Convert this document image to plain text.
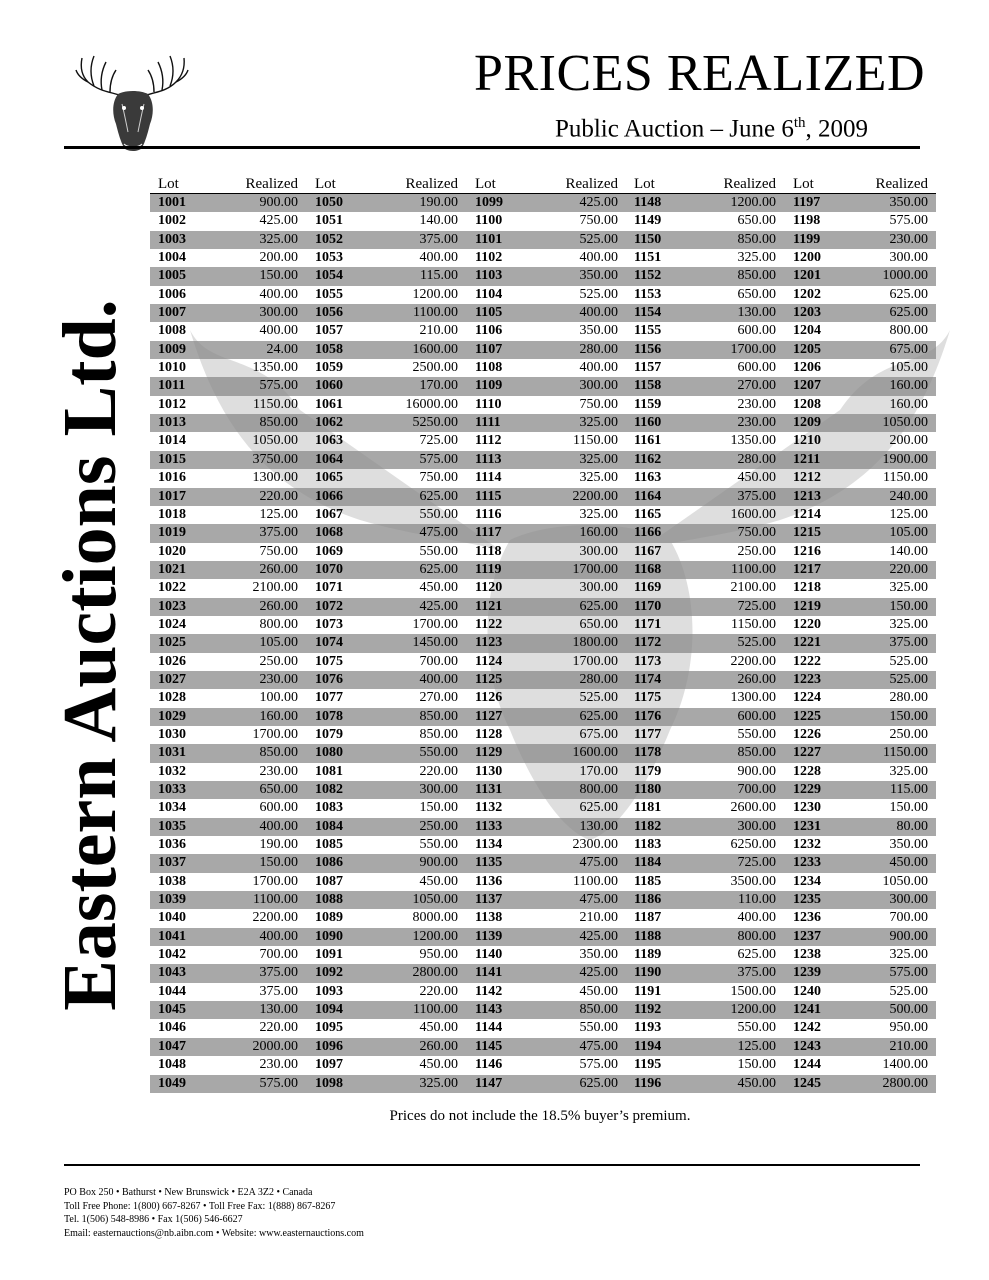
PRICES REALIZED
Public Auction – June 6th, 2009
Eastern Auctions Ltd.
Lot	Realized Lot	Realized Lot	Realized Lot	Realized Lot	Realized
1001	900.00 1050	190.00 1099	425.00 1148	1200.00 1197	350.00
1002	425.00 1051	140.00 1100	750.00 1149	650.00 1198	575.00
1003	325.00 1052	375.00 1101	525.00 1150	850.00 1199	230.00
1004	200.00 1053	400.00 1102	400.00 1151	325.00 1200	300.00
1005	150.00 1054	115.00 1103	350.00 1152	850.00 1201	1000.00
1006	400.00 1055	1200.00 1104	525.00 1153	650.00 1202	625.00
1007	300.00 1056	1100.00 1105	400.00 1154	130.00 1203	625.00
1008	400.00 1057	210.00 1106	350.00 1155	600.00 1204	800.00
1009	24.00 1058	1600.00 1107	280.00 1156	1700.00 1205	675.00
1010	1350.00 1059	2500.00 1108	400.00 1157	600.00 1206	105.00
1011	575.00 1060	170.00 1109	300.00 1158	270.00 1207	160.00
1012	1150.00 1061	16000.00 1110	750.00 1159	230.00 1208	160.00
1013	850.00 1062	5250.00 1111	325.00 1160	230.00 1209	1050.00
1014	1050.00 1063	725.00 1112	1150.00 1161	1350.00 1210	200.00
1015	3750.00 1064	575.00 1113	325.00 1162	280.00 1211	1900.00
1016	1300.00 1065	750.00 1114	325.00 1163	450.00 1212	1150.00
1017	220.00 1066	625.00 1115	2200.00 1164	375.00 1213	240.00
1018	125.00 1067	550.00 1116	325.00 1165	1600.00 1214	125.00
1019	375.00 1068	475.00 1117	160.00 1166	750.00 1215	105.00
1020	750.00 1069	550.00 1118	300.00 1167	250.00 1216	140.00
1021	260.00 1070	625.00 1119	1700.00 1168	1100.00 1217	220.00
1022	2100.00 1071	450.00 1120	300.00 1169	2100.00 1218	325.00
1023	260.00 1072	425.00 1121	625.00 1170	725.00 1219	150.00
1024	800.00 1073	1700.00 1122	650.00 1171	1150.00 1220	325.00
1025	105.00 1074	1450.00 1123	1800.00 1172	525.00 1221	375.00
1026	250.00 1075	700.00 1124	1700.00 1173	2200.00 1222	525.00
1027	230.00 1076	400.00 1125	280.00 1174	260.00 1223	525.00
1028	100.00 1077	270.00 1126	525.00 1175	1300.00 1224	280.00
1029	160.00 1078	850.00 1127	625.00 1176	600.00 1225	150.00
1030	1700.00 1079	850.00 1128	675.00 1177	550.00 1226	250.00
1031	850.00 1080	550.00 1129	1600.00 1178	850.00 1227	1150.00
1032	230.00 1081	220.00 1130	170.00 1179	900.00 1228	325.00
1033	650.00 1082	300.00 1131	800.00 1180	700.00 1229	115.00
1034	600.00 1083	150.00 1132	625.00 1181	2600.00 1230	150.00
1035	400.00 1084	250.00 1133	130.00 1182	300.00 1231	80.00
1036	190.00 1085	550.00 1134	2300.00 1183	6250.00 1232	350.00
1037	150.00 1086	900.00 1135	475.00 1184	725.00 1233	450.00
1038	1700.00 1087	450.00 1136	1100.00 1185	3500.00 1234	1050.00
1039	1100.00 1088	1050.00 1137	475.00 1186	110.00 1235	300.00
1040	2200.00 1089	8000.00 1138	210.00 1187	400.00 1236	700.00
1041	400.00 1090	1200.00 1139	425.00 1188	800.00 1237	900.00
1042	700.00 1091	950.00 1140	350.00 1189	625.00 1238	325.00
1043	375.00 1092	2800.00 1141	425.00 1190	375.00 1239	575.00
1044	375.00 1093	220.00 1142	450.00 1191	1500.00 1240	525.00
1045	130.00 1094	1100.00 1143	850.00 1192	1200.00 1241	500.00
1046	220.00 1095	450.00 1144	550.00 1193	550.00 1242	950.00
1047	2000.00 1096	260.00 1145	475.00 1194	125.00 1243	210.00
1048	230.00 1097	450.00 1146	575.00 1195	150.00 1244	1400.00
1049	575.00 1098	325.00 1147	625.00 1196	450.00 1245	2800.00
Prices do not include the 18.5% buyer’s premium.
PO Box 250 • Bathurst • New Brunswick • E2A 3Z2 • Canada
Toll Free Phone: 1(800) 667-8267 • Toll Free Fax: 1(888) 867-8267
Tel. 1(506) 548-8986 • Fax 1(506) 546-6627
Email: easternauctions@nb.aibn.com • Website: www.easternauctions.com
